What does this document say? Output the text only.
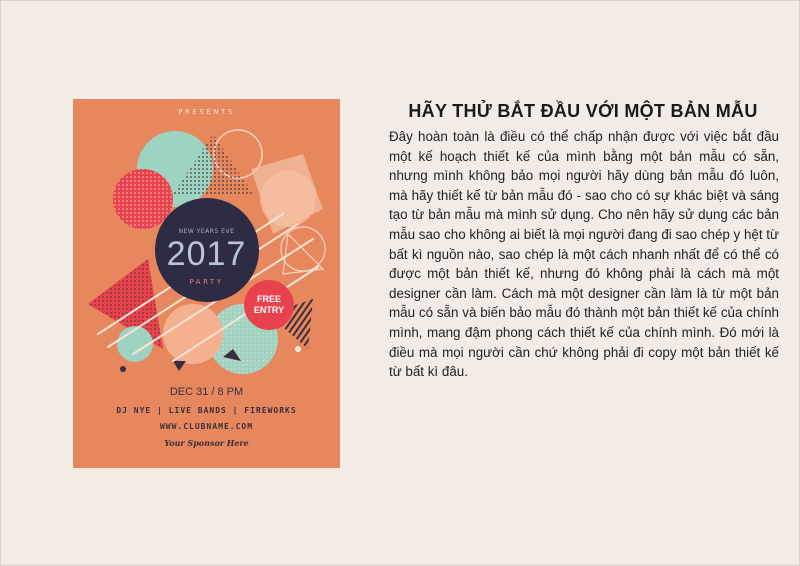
PRESENTS
NEW YEARS EVE
2017
PARTY
FREE
ENTRY
DEC 31 / 8 PM
DJ NYE | LIVE BANDS | FIREWORKS
WWW.CLUBNAME.COM
Your Sponsor Here
HÃY THỬ BẮT ĐẦU VỚI MỘT BẢN MẪU
Đây hoàn toàn là điều có thể chấp nhận được với việc bắt đầu một kế hoạch thiết kế của mình bằng một bản mẫu có sẵn, nhưng mình không bảo mọi người hãy dùng bản mẫu đó luôn, mà hãy thiết kế từ bản mẫu đó - sao cho có sự khác biệt và sáng tạo từ bản mẫu mà mình sử dụng. Cho nên hãy sử dụng các bản mẫu sao cho không ai biết là mọi người đang đi sao chép y hệt từ bất kì nguồn nào, sao chép là một cách nhanh nhất để có thể có được một bản thiết kế, nhưng đó không phải là cách mà một designer cần làm. Cách mà một designer cần làm là từ một bản mẫu có sẵn và biến bảo mẫu đó thành một bản thiết kế của chính mình, mang đậm phong cách thiết kế của chính mình. Đó mới là điều mà mọi người cần chứ không phải đi copy một bản thiết kế từ bất kì đâu.
